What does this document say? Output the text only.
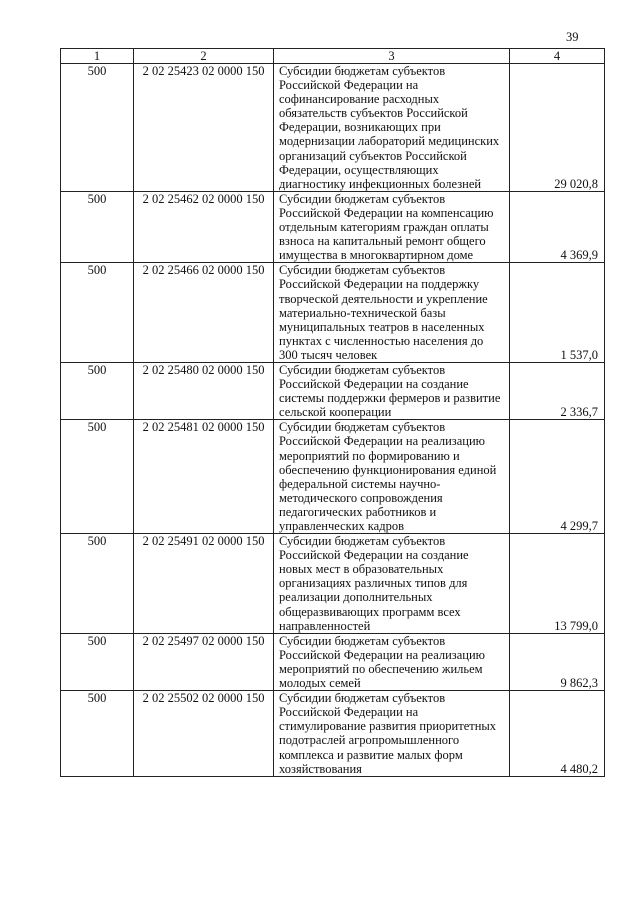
39
1	2	3	4
500	2 02 25423 02 0000 150	Субсидии бюджетам субъектов Российской Федерации на софинансирование расходных обязательств субъектов Российской Федерации, возникающих при модернизации лабораторий медицинских организаций субъектов Российской Федерации, осуществляющих диагностику инфекционных болезней	29 020,8
500	2 02 25462 02 0000 150	Субсидии бюджетам субъектов Российской Федерации на компенсацию отдельным категориям граждан оплаты взноса на капитальный ремонт общего имущества в многоквартирном доме	4 369,9
500	2 02 25466 02 0000 150	Субсидии бюджетам субъектов Российской Федерации на поддержку творческой деятельности и укрепление материально-технической базы муниципальных театров в населенных пунктах с численностью населения до 300 тысяч человек	1 537,0
500	2 02 25480 02 0000 150	Субсидии бюджетам субъектов Российской Федерации на создание системы поддержки фермеров и развитие сельской кооперации	2 336,7
500	2 02 25481 02 0000 150	Субсидии бюджетам субъектов Российской Федерации на реализацию мероприятий по формированию и обеспечению функционирования единой федеральной системы научно-методического сопровождения педагогических работников и управленческих кадров	4 299,7
500	2 02 25491 02 0000 150	Субсидии бюджетам субъектов Российской Федерации на создание новых мест в образовательных организациях различных типов для реализации дополнительных общеразвивающих программ всех направленностей	13 799,0
500	2 02 25497 02 0000 150	Субсидии бюджетам субъектов Российской Федерации на реализацию мероприятий по обеспечению жильем молодых семей	9 862,3
500	2 02 25502 02 0000 150	Субсидии бюджетам субъектов Российской Федерации на стимулирование развития приоритетных подотраслей агропромышленного комплекса и развитие малых форм хозяйствования	4 480,2
